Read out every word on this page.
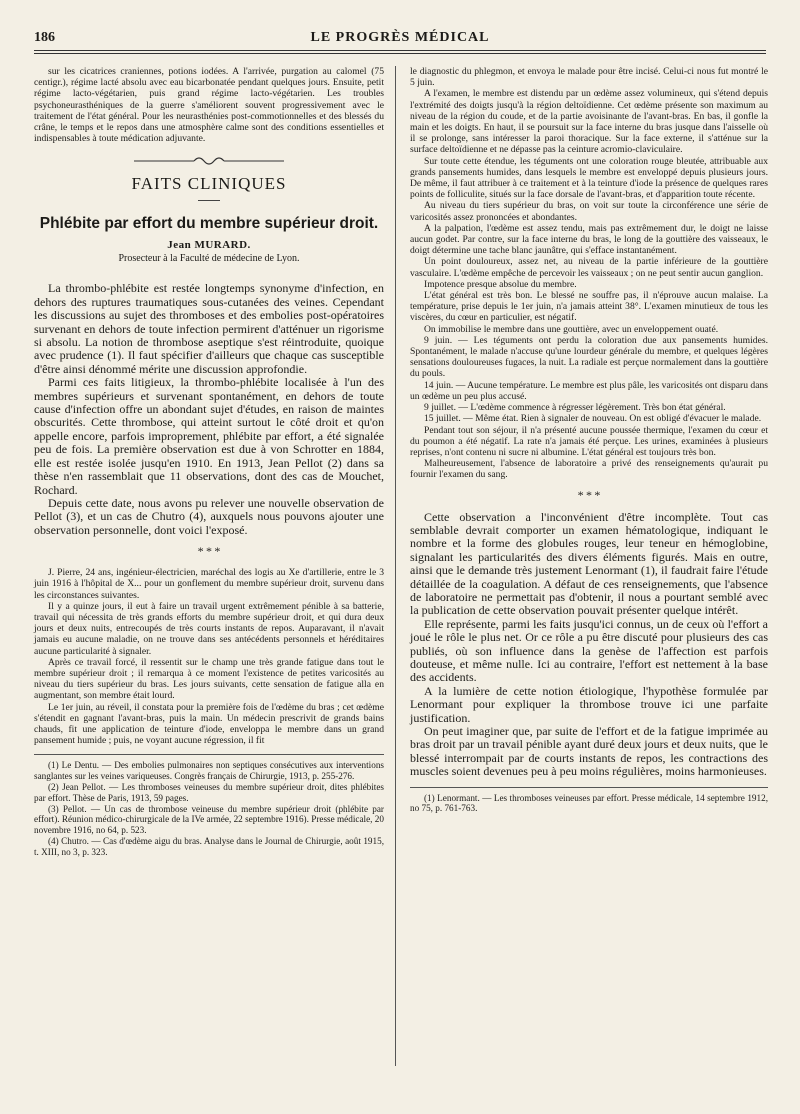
186	LE PROGRÈS MÉDICAL

sur les cicatrices craniennes, potions iodées. A l'arrivée, purgation au calomel (75 centigr.), régime lacté absolu avec eau bicarbonatée pendant quelques jours. Ensuite, petit régime lacto-végétarien, puis grand régime lacto-végétarien. Les troubles psychoneurasthéniques de la guerre s'améliorent souvent progressivement avec le traitement de l'état général. Pour les neurasthénies post-commotionnelles et des blessés du crâne, le temps et le repos dans une atmosphère calme sont des conditions essentielles et indispensables à toute médication adjuvante.

FAITS CLINIQUES
Phlébite par effort du membre supérieur droit.
Jean MURARD.
Prosecteur à la Faculté de médecine de Lyon.

La thrombo-phlébite est restée longtemps synonyme d'infection, en dehors des ruptures traumatiques sous-cutanées des veines. Cependant les discussions au sujet des thromboses et des embolies post-opératoires survenant en dehors de toute infection permirent d'atténuer un rigorisme si absolu. La notion de thrombose aseptique s'est réintroduite, quoique avec prudence (1). Il faut spécifier d'ailleurs que chaque cas susceptible d'être ainsi dénommé mérite une discussion approfondie.

Parmi ces faits litigieux, la thrombo-phlébite localisée à l'un des membres supérieurs et survenant spontanément, en dehors de toute cause d'infection offre un abondant sujet d'études, en raison de maintes obscurités. Cette thrombose, qui atteint surtout le côté droit et qu'on appelle encore, parfois improprement, phlébite par effort, a été signalée peu de fois. La première observation est due à von Schrotter en 1884, elle est restée isolée jusqu'en 1910. En 1913, Jean Pellot (2) dans sa thèse n'en rassemblait que 11 observations, dont des cas de Mouchet, Rochard.

Depuis cette date, nous avons pu relever une nouvelle observation de Pellot (3), et un cas de Chutro (4), auxquels nous pouvons ajouter une observation personnelle, dont voici l'exposé.

* * *

J. Pierre, 24 ans, ingénieur-électricien, maréchal des logis au Xe d'artillerie, entre le 3 juin 1916 à l'hôpital de X... pour un gonflement du membre supérieur droit, survenu dans les circonstances suivantes.

Il y a quinze jours, il eut à faire un travail urgent extrêmement pénible à sa batterie, travail qui nécessita de très grands efforts du membre supérieur droit, et qui dura deux jours et deux nuits, entrecoupés de très courts instants de repos. Auparavant, il n'avait jamais eu aucune maladie, on ne trouve dans ses antécédents personnels et héréditaires aucune particularité à signaler.

Après ce travail forcé, il ressentit sur le champ une très grande fatigue dans tout le membre supérieur droit ; il remarqua à ce moment l'existence de petites varicosités au niveau du tiers supérieur du bras. Les jours suivants, cette sensation de fatigue alla en augmentant, son membre était lourd.

Le 1er juin, au réveil, il constata pour la première fois de l'œdème du bras ; cet œdème s'étendit en gagnant l'avant-bras, puis la main. Un médecin prescrivit de grands bains chauds, fit une application de teinture d'iode, enveloppa le membre dans un grand pansement humide ; puis, ne voyant aucune régression, il fit

(1) Le Dentu. — Des embolies pulmonaires non septiques consécutives aux interventions sanglantes sur les veines variqueuses. Congrès français de Chirurgie, 1913, p. 255-276.

(2) Jean Pellot. — Les thromboses veineuses du membre supérieur droit, dites phlébites par effort. Thèse de Paris, 1913, 59 pages.

(3) Pellot. — Un cas de thrombose veineuse du membre supérieur droit (phlébite par effort). Réunion médico-chirurgicale de la IVe armée, 22 septembre 1916). Presse médicale, 20 novembre 1916, no 64, p. 523.

(4) Chutro. — Cas d'œdème aigu du bras. Analyse dans le Journal de Chirurgie, août 1915, t. XIII, no 3, p. 323.

le diagnostic du phlegmon, et envoya le malade pour être incisé. Celui-ci nous fut montré le 5 juin.

A l'examen, le membre est distendu par un œdème assez volumineux, qui s'étend depuis l'extrémité des doigts jusqu'à la région deltoïdienne. Cet œdème présente son maximum au niveau de la région du coude, et de la partie avoisinante de l'avant-bras. En bas, il gonfle la main et les doigts. En haut, il se poursuit sur la face interne du bras jusque dans l'aisselle où il se prolonge, sans intéresser la paroi thoracique. Sur la face externe, il s'atténue sur la surface deltoïdienne et ne dépasse pas la ceinture acromio-claviculaire.

Sur toute cette étendue, les téguments ont une coloration rouge bleutée, attribuable aux grands pansements humides, dans lesquels le membre est enveloppé depuis plusieurs jours. De même, il faut attribuer à ce traitement et à la teinture d'iode la présence de quelques rares points de folliculite, situés sur la face dorsale de l'avant-bras, et d'apparition toute récente.

Au niveau du tiers supérieur du bras, on voit sur toute la circonférence une série de varicosités assez prononcées et abondantes.

A la palpation, l'œdème est assez tendu, mais pas extrêmement dur, le doigt ne laisse aucun godet. Par contre, sur la face interne du bras, le long de la gouttière des vaisseaux, le doigt détermine une tache blanc jaunâtre, qui s'efface instantanément.

Un point douloureux, assez net, au niveau de la partie inférieure de la gouttière vasculaire. L'œdème empêche de percevoir les vaisseaux ; on ne peut sentir aucun ganglion.

Impotence presque absolue du membre.

L'état général est très bon. Le blessé ne souffre pas, il n'éprouve aucun malaise. La température, prise depuis le 1er juin, n'a jamais atteint 38°. L'examen minutieux de tous les viscères, du cœur en particulier, est négatif.

On immobilise le membre dans une gouttière, avec un enveloppement ouaté.

9 juin. — Les téguments ont perdu la coloration due aux pansements humides. Spontanément, le malade n'accuse qu'une lourdeur générale du membre, et quelques légères sensations douloureuses fugaces, la nuit. La radiale est perçue normalement dans la gouttière du pouls.

14 juin. — Aucune température. Le membre est plus pâle, les varicosités ont disparu dans un œdème un peu plus accusé.

9 juillet. — L'œdème commence à régresser légèrement. Très bon état général.

15 juillet. — Même état. Rien à signaler de nouveau. On est obligé d'évacuer le malade.

Pendant tout son séjour, il n'a présenté aucune poussée thermique, l'examen du cœur et du poumon a été négatif. La rate n'a jamais été perçue. Les urines, examinées à plusieurs reprises, n'ont contenu ni sucre ni albumine. L'état général est toujours très bon.

Malheureusement, l'absence de laboratoire a privé des renseignements qu'aurait pu fournir l'examen du sang.

* * *

Cette observation a l'inconvénient d'être incomplète. Tout cas semblable devrait comporter un examen hématologique, indiquant le nombre et la forme des globules rouges, leur teneur en hémoglobine, signalant les particularités des divers éléments figurés. Mais en outre, ainsi que le demande très justement Lenormant (1), il faudrait faire l'étude détaillée de la coagulation. A défaut de ces renseignements, que l'absence de laboratoire ne permettait pas d'obtenir, il nous a pourtant semblé avec la publication de cette observation pouvait présenter quelque intérêt.

Elle représente, parmi les faits jusqu'ici connus, un de ceux où l'effort a joué le rôle le plus net. Or ce rôle a pu être discuté pour plusieurs des cas publiés, où son influence dans la genèse de l'affection est parfois douteuse, et même nulle. Ici au contraire, l'effort est nettement à la base des accidents.

A la lumière de cette notion étiologique, l'hypothèse formulée par Lenormant pour expliquer la thrombose trouve ici une parfaite justification.

On peut imaginer que, par suite de l'effort et de la fatigue imprimée au bras droit par un travail pénible ayant duré deux jours et deux nuits, que le blessé interrompait par de courts instants de repos, les contractions des muscles soient devenues peu à peu moins régulières, moins harmonieuses.

(1) Lenormant. — Les thromboses veineuses par effort. Presse médicale, 14 septembre 1912, no 75, p. 761-763.
